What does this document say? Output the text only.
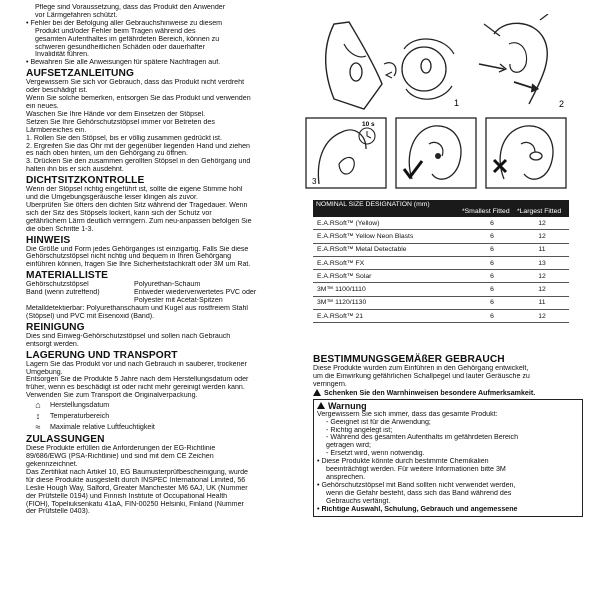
Pflege sind Voraussetzung, dass das Produkt den Anwender

vor Lärmgefahren schützt.

• Fehler bei der Befolgung aller Gebrauchshinweise zu diesem

Produkt und/oder Fehler beim Tragen während des

gesamten Aufenthaltes im gefährdeten Bereich, können zu

schweren gesundheitlichen Schäden oder dauerhafter

Invalidität führen.

• Bewahren Sie alle Anweisungen für spätere Nachfragen auf.

AUFSETZANLEITUNG

Vergewissern Sie sich vor Gebrauch, dass das Produkt nicht verdreht

oder beschädigt ist.

Wenn Sie solche bemerken, entsorgen Sie das Produkt und verwenden

ein neues.

Waschen Sie Ihre Hände vor dem Einsetzen der Stöpsel.

Setzen Sie Ihre Gehörschutzstöpsel immer vor Betreten des

Lärmbereiches ein.

1. Rollen Sie den Stöpsel, bis er völlig zusammen gedrückt ist.

2. Ergreifen Sie das Ohr mit der gegenüber liegenden Hand und ziehen

es nach oben hinten, um den Gehörgang zu öffnen.

3. Drücken Sie den zusammen gerollten Stöpsel in den Gehörgang und

halten ihn bis er sich ausdehnt.

DICHTSITZKONTROLLE

Wenn der Stöpsel richtig eingeführt ist, sollte die eigene Stimme hohl

und die Umgebungsgeräusche leiser klingen als zuvor.

Überprüfen Sie öfters den dichten Sitz während der Tragedauer. Wenn

sich der Sitz des Stöpsels lockert, kann sich der Schutz vor

gefährlichem Lärm deutlich verringern. Zum neu-anpassen befolgen Sie

die oben Schritte 1-3.

HINWEIS

Die Größe und Form jedes Gehörganges ist einzigartig. Falls Sie diese

Gehörschutzstöpsel nicht richtig und bequem in Ihren Gehörgang

einführen können, fragen Sie Ihre Sicherheitsfachkraft oder 3M um Rat.

MATERIALLISTE

Gehörschutzstöpsel	Polyurethan-Schaum
Band (wenn zutreffend)	Entweder wiederverwertetes PVC oder
Polyester mit Acetat-Spitzen

Metalldetektierbar: Polyurethanschaum und Kugel aus rostfreiem Stahl

(Stöpsel) und PVC mit Eisenoxid (Band).

REINIGUNG

Dies sind Einweg-Gehörschutzstöpsel und sollen nach Gebrauch

entsorgt werden.

LAGERUNG UND TRANSPORT

Lagern Sie das Produkt vor und nach Gebrauch in sauberer, trockener

Umgebung.

Entsorgen Sie die Produkte 5 Jahre nach dem Herstellungsdatum oder

früher, wenn es beschädigt ist oder nicht mehr gereinigt werden kann.

Verwenden Sie zum Transport die Originalverpackung.

⌂	Herstellungsdatum
↕	Temperaturbereich
≈	Maximale relative Luftfeuchtigkeit

ZULASSUNGEN

Diese Produkte erfüllen die Anforderungen der EG-Richtlinie

89/686/EWG (PSA-Richtlinie) und sind mit dem CE Zeichen

gekennzeichnet.

Das Zertifikat nach Artikel 10, EG Baumusterprüfbescheinigung, wurde

für diese Produkte ausgestellt durch INSPEC International Limited, 56

Leslie Hough Way, Salford, Greater Manchester M6 6AJ, UK (Nummer

der Prüfstelle 0194) und Finnish Institute of Occupational Health

(FIOH), Topeliuksenkatu 41aA, FIN-00250 Helsinki, Finland (Nummer

der Prüfstelle 0403).

1	2
10 s
3
NOMINAL SIZE DESIGNATION (mm)
*Smallest Fitted	*Largest Fitted
E.A.RSoft™ (Yellow)	6	12
E.A.RSoft™ Yellow Neon Blasts	6	12
E.A.RSoft™ Metal Detectable	6	11
E.A.RSoft™ FX	6	13
E.A.RSoft™ Solar	6	12
3M™ 1100/1110	6	12
3M™ 1120/1130	6	11
E.A.RSoft™ 21	6	12

BESTIMMUNGSGEMÄßER GEBRAUCH

Diese Produkte wurden zum Einführen in den Gehörgang entwickelt,

um die Einwirkung gefährlichen Schallpegel und lauter Geräusche zu

verringern.

Schenken Sie den Warnhinweisen besondere Aufmerksamkeit.
Warnung

Vergewissern Sie sich immer, dass das gesamte Produkt:

- Geeignet ist für die Anwendung;

- Richtig angelegt ist;

- Während des gesamten Aufenthalts im gefährdeten Bereich

getragen wird;

- Ersetzt wird, wenn notwendig.

• Diese Produkte könnte durch bestimmte Chemikalien

beeinträchtigt werden. Für weitere Informationen bitte 3M

ansprechen.

• Gehörschutzstöpsel mit Band sollten nicht verwendet werden,

wenn die Gefahr besteht, dass sich das Band während des

Gebrauchs verfängt.

• Richtige Auswahl, Schulung, Gebrauch und angemessene
